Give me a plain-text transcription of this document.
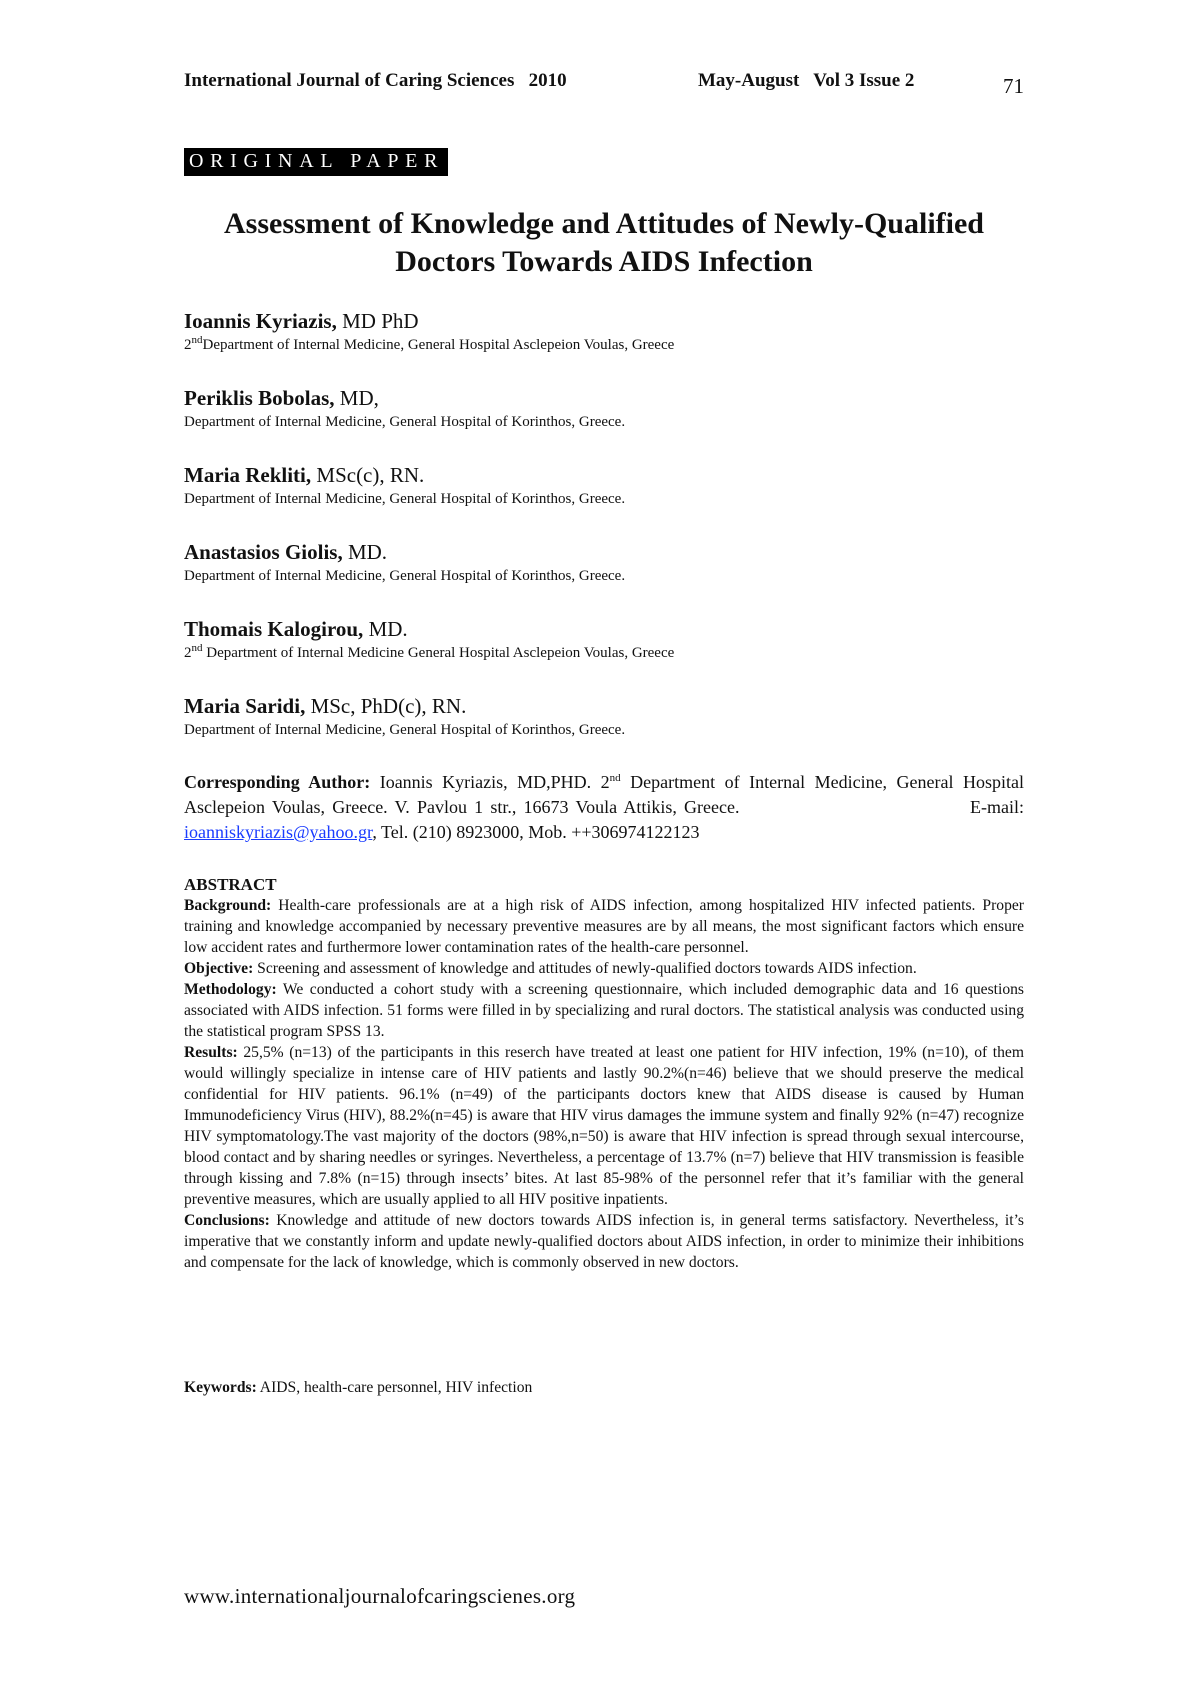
International Journal of Caring Sciences   2010	May-August   Vol 3 Issue 2	71
ORIGINAL PAPER
Assessment of Knowledge and Attitudes of Newly-Qualified
Doctors Towards AIDS Infection
Ioannis Kyriazis, MD PhD
2ndDepartment of Internal Medicine, General Hospital Asclepeion Voulas, Greece
Periklis Bobolas, MD,
Department of Internal Medicine, General Hospital of Korinthos, Greece.
Maria Rekliti, MSc(c), RN.
Department of Internal Medicine, General Hospital of Korinthos, Greece.
Anastasios Giolis, MD.
Department of Internal Medicine, General Hospital of Korinthos, Greece.
Thomais Kalogirou, MD.
2nd Department of Internal Medicine General Hospital Asclepeion Voulas, Greece
Maria Saridi, MSc, PhD(c), RN.
Department of Internal Medicine, General Hospital of Korinthos, Greece.
Corresponding Author: Ioannis Kyriazis, MD,PHD. 2nd Department of Internal Medicine, General Hospital Asclepeion Voulas, Greece. V. Pavlou 1 str., 16673 Voula Attikis, Greece.                                E-mail: ioanniskyriazis@yahoo.gr, Tel. (210) 8923000, Mob. ++306974122123
ABSTRACT

Background: Health-care professionals are at a high risk of AIDS infection, among hospitalized HIV infected patients. Proper training and knowledge accompanied by necessary preventive measures are by all means, the most significant factors which ensure low accident rates and furthermore lower contamination rates of the health-care personnel.

Objective: Screening and assessment of knowledge and attitudes of newly-qualified doctors towards AIDS infection.

Methodology: We conducted a cohort study with a screening questionnaire, which included demographic data and 16 questions associated with AIDS infection. 51 forms were filled in by specializing and rural doctors. The statistical analysis was conducted using the statistical program SPSS 13.

Results: 25,5% (n=13) of the participants in this reserch have treated at least one patient for HIV infection, 19% (n=10), of them would willingly specialize in intense care of HIV patients and lastly 90.2%(n=46) believe that we should preserve the medical confidential for HIV patients. 96.1% (n=49) of the participants doctors knew that AIDS disease is caused by Human Immunodeficiency Virus (HIV), 88.2%(n=45) is aware that HIV virus damages the immune system and finally 92% (n=47) recognize HIV symptomatology.The vast majority of the doctors (98%,n=50) is aware that HIV infection is spread through sexual intercourse, blood contact and by sharing needles or syringes. Nevertheless, a percentage of 13.7% (n=7) believe that HIV transmission is feasible through kissing and 7.8% (n=15) through insects’ bites. At last 85-98% of the personnel refer that it’s familiar with the general preventive measures, which are usually applied to all HIV positive inpatients.

Conclusions: Knowledge and attitude of new doctors towards AIDS infection is, in general terms satisfactory. Nevertheless, it’s imperative that we constantly inform and update newly-qualified doctors about AIDS infection, in order to minimize their inhibitions and compensate for the lack of knowledge, which is commonly observed in new doctors.

Keywords: AIDS, health-care personnel, HIV infection
www.internationaljournalofcaringscienes.org
